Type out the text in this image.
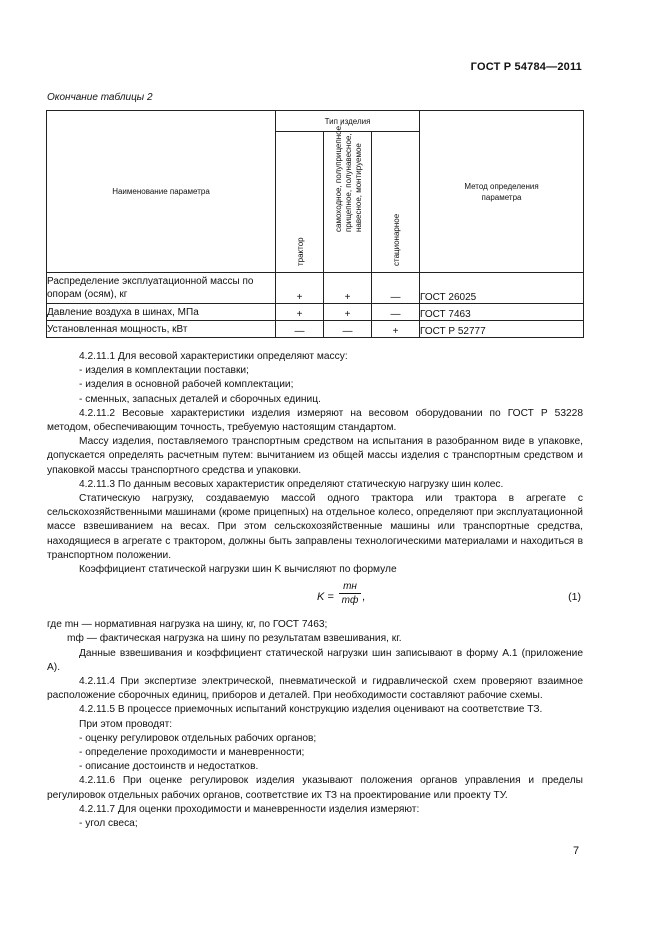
ГОСТ Р 54784—2011
Окончание таблицы 2
Наименование параметра	Тип изделия			Метод определения параметра

	трактор	самоходное, полуприцепное, прицепное, полунавесное, навесное, монтируемое	стационарное	

Распределение эксплуатационной массы по опорам (осям), кг	+	+	—	ГОСТ 26025
Давление воздуха в шинах, МПа	+	+	—	ГОСТ 7463
Установленная мощность, кВт	—	—	+	ГОСТ Р 52777

4.2.11.1 Для весовой характеристики определяют массу:

- изделия в комплектации поставки;

- изделия в основной рабочей комплектации;

- сменных, запасных деталей и сборочных единиц.

4.2.11.2 Весовые характеристики изделия измеряют на весовом оборудовании по ГОСТ Р 53228 методом, обеспечивающим точность, требуемую настоящим стандартом.

Массу изделия, поставляемого транспортным средством на испытания в разобранном виде в упаковке, допускается определять расчетным путем: вычитанием из общей массы изделия с транспортным средством и упаковкой массы транспортного средства и упаковки.

4.2.11.3 По данным весовых характеристик определяют статическую нагрузку шин колес.

Статическую нагрузку, создаваемую массой одного трактора или трактора в агрегате с сельскохозяйственными машинами (кроме прицепных) на отдельное колесо, определяют при эксплуатационной массе взвешиванием на весах. При этом сельскохозяйственные машины или транспортные средства, находящиеся в агрегате с трактором, должны быть заправлены технологическими материалами и находиться в транспортном положении.

Коэффициент статической нагрузки шин K вычисляют по формуле

K =
mн
mф ,	(1)

где mн — нормативная нагрузка на шину, кг, по ГОСТ 7463;

mф — фактическая нагрузка на шину по результатам взвешивания, кг.

Данные взвешивания и коэффициент статической нагрузки шин записывают в форму А.1 (приложение А).

4.2.11.4 При экспертизе электрической, пневматической и гидравлической схем проверяют взаимное расположение сборочных единиц, приборов и деталей. При необходимости составляют рабочие схемы.

4.2.11.5 В процессе приемочных испытаний конструкцию изделия оценивают на соответствие ТЗ.

При этом проводят:

- оценку регулировок отдельных рабочих органов;

- определение проходимости и маневренности;

- описание достоинств и недостатков.

4.2.11.6 При оценке регулировок изделия указывают положения органов управления и пределы регулировок отдельных рабочих органов, соответствие их ТЗ на проектирование или проекту ТУ.

4.2.11.7 Для оценки проходимости и маневренности изделия измеряют:

- угол свеса;

7
